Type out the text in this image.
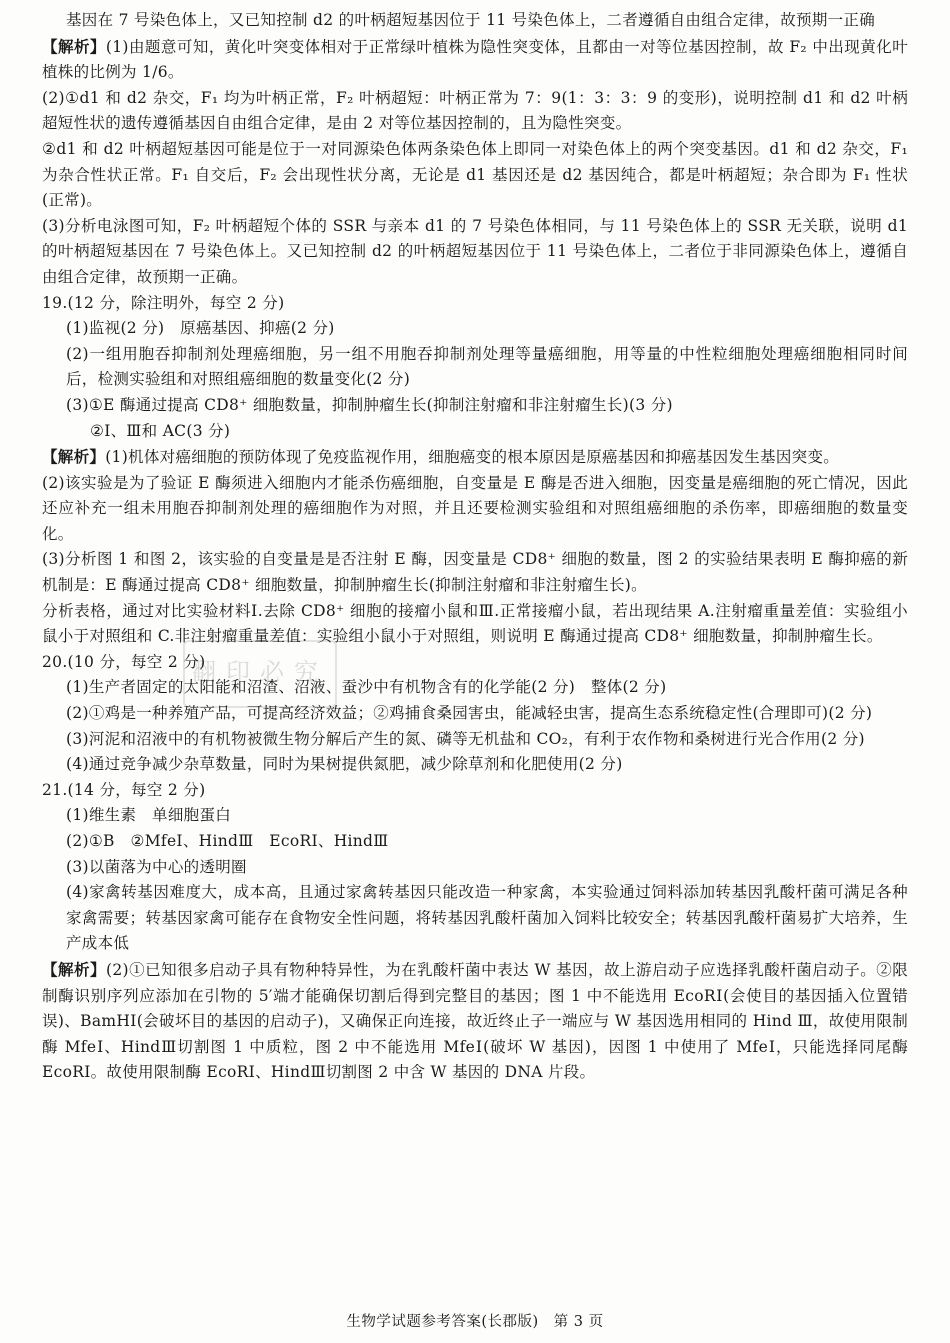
翻印必究

基因在 7 号染色体上，又已知控制 d2 的叶柄超短基因位于 11 号染色体上，二者遵循自由组合定律，故预期一正确

【解析】(1)由题意可知，黄化叶突变体相对于正常绿叶植株为隐性突变体，且都由一对等位基因控制，故 F₂ 中出现黄化叶植株的比例为 1/6。

(2)①d1 和 d2 杂交，F₁ 均为叶柄正常，F₂ 叶柄超短：叶柄正常为 7：9(1：3：3：9 的变形)，说明控制 d1 和 d2 叶柄超短性状的遗传遵循基因自由组合定律，是由 2 对等位基因控制的，且为隐性突变。

②d1 和 d2 叶柄超短基因可能是位于一对同源染色体两条染色体上即同一对染色体上的两个突变基因。d1 和 d2 杂交，F₁ 为杂合性状正常。F₁ 自交后，F₂ 会出现性状分离，无论是 d1 基因还是 d2 基因纯合，都是叶柄超短；杂合即为 F₁ 性状(正常)。

(3)分析电泳图可知，F₂ 叶柄超短个体的 SSR 与亲本 d1 的 7 号染色体相同，与 11 号染色体上的 SSR 无关联，说明 d1 的叶柄超短基因在 7 号染色体上。又已知控制 d2 的叶柄超短基因位于 11 号染色体上，二者位于非同源染色体上，遵循自由组合定律，故预期一正确。

19.(12 分，除注明外，每空 2 分)

(1)监视(2 分)　原癌基因、抑癌(2 分)

(2)一组用胞吞抑制剂处理癌细胞，另一组不用胞吞抑制剂处理等量癌细胞，用等量的中性粒细胞处理癌细胞相同时间后，检测实验组和对照组癌细胞的数量变化(2 分)

(3)①E 酶通过提高 CD8⁺ 细胞数量，抑制肿瘤生长(抑制注射瘤和非注射瘤生长)(3 分)

②Ⅰ、Ⅲ和 AC(3 分)

【解析】(1)机体对癌细胞的预防体现了免疫监视作用，细胞癌变的根本原因是原癌基因和抑癌基因发生基因突变。

(2)该实验是为了验证 E 酶须进入细胞内才能杀伤癌细胞，自变量是 E 酶是否进入细胞，因变量是癌细胞的死亡情况，因此还应补充一组未用胞吞抑制剂处理的癌细胞作为对照，并且还要检测实验组和对照组癌细胞的杀伤率，即癌细胞的数量变化。

(3)分析图 1 和图 2，该实验的自变量是是否注射 E 酶，因变量是 CD8⁺ 细胞的数量，图 2 的实验结果表明 E 酶抑癌的新机制是：E 酶通过提高 CD8⁺ 细胞数量，抑制肿瘤生长(抑制注射瘤和非注射瘤生长)。

分析表格，通过对比实验材料Ⅰ.去除 CD8⁺ 细胞的接瘤小鼠和Ⅲ.正常接瘤小鼠，若出现结果 A.注射瘤重量差值：实验组小鼠小于对照组和 C.非注射瘤重量差值：实验组小鼠小于对照组，则说明 E 酶通过提高 CD8⁺ 细胞数量，抑制肿瘤生长。

20.(10 分，每空 2 分)

(1)生产者固定的太阳能和沼渣、沼液、蚕沙中有机物含有的化学能(2 分)　整体(2 分)

(2)①鸡是一种养殖产品，可提高经济效益；②鸡捕食桑园害虫，能减轻虫害，提高生态系统稳定性(合理即可)(2 分)

(3)河泥和沼液中的有机物被微生物分解后产生的氮、磷等无机盐和 CO₂，有利于农作物和桑树进行光合作用(2 分)

(4)通过竞争减少杂草数量，同时为果树提供氮肥，减少除草剂和化肥使用(2 分)

21.(14 分，每空 2 分)

(1)维生素　单细胞蛋白

(2)①B　②MfeⅠ、HindⅢ　EcoRⅠ、HindⅢ

(3)以菌落为中心的透明圈

(4)家禽转基因难度大，成本高，且通过家禽转基因只能改造一种家禽，本实验通过饲料添加转基因乳酸杆菌可满足各种家禽需要；转基因家禽可能存在食物安全性问题，将转基因乳酸杆菌加入饲料比较安全；转基因乳酸杆菌易扩大培养，生产成本低

【解析】(2)①已知很多启动子具有物种特异性，为在乳酸杆菌中表达 W 基因，故上游启动子应选择乳酸杆菌启动子。②限制酶识别序列应添加在引物的 5′端才能确保切割后得到完整目的基因；图 1 中不能选用 EcoRⅠ(会使目的基因插入位置错误)、BamHⅠ(会破坏目的基因的启动子)，又确保正向连接，故近终止子一端应与 W 基因选用相同的 Hind Ⅲ，故使用限制酶 MfeⅠ、HindⅢ切割图 1 中质粒，图 2 中不能选用 MfeⅠ(破坏 W 基因)，因图 1 中使用了 MfeⅠ，只能选择同尾酶 EcoRⅠ。故使用限制酶 EcoRⅠ、HindⅢ切割图 2 中含 W 基因的 DNA 片段。

生物学试题参考答案(长郡版)　第 3 页
